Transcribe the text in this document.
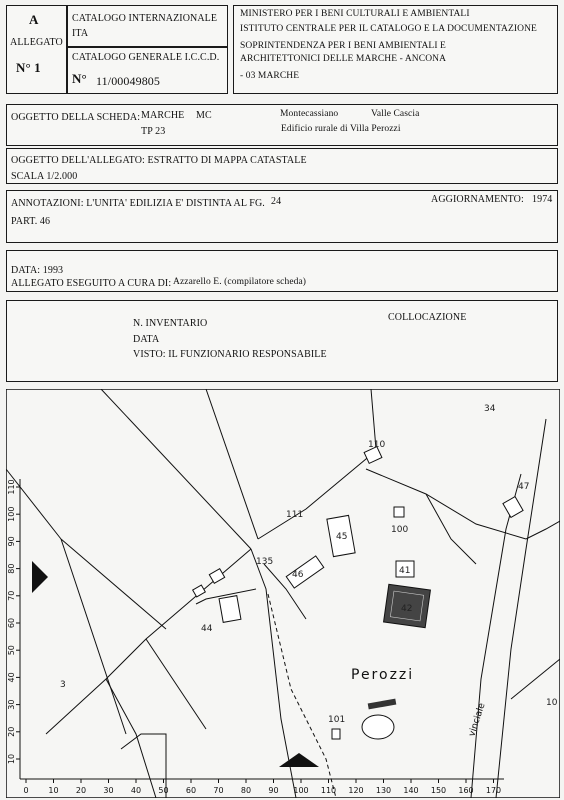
A
ALLEGATO
N° 1
CATALOGO INTERNAZIONALE
ITA
CATALOGO GENERALE I.C.C.D.
N° 11/00049805
MINISTERO PER I BENI CULTURALI E AMBIENTALI
ISTITUTO CENTRALE PER IL CATALOGO E LA DOCUMENTAZIONE
SOPRINTENDENZA PER I BENI AMBIENTALI E
ARCHITETTONICI DELLE MARCHE - ANCONA
- 03 MARCHE
OGGETTO DELLA SCHEDA: MARCHE MC
TP 23
Montecassiano	Valle Cascia
Edificio rurale di Villa Perozzi
OGGETTO DELL'ALLEGATO: ESTRATTO DI MAPPA CATASTALE
SCALA 1/2.000
ANNOTAZIONI: L'UNITA' EDILIZIA E' DISTINTA AL FG. 24	AGGIORNAMENTO: 1974
PART. 46
DATA: 1993
ALLEGATO ESEGUITO A CURA DI: Azzarello E. (compilatore scheda)
N. INVENTARIO
COLLOCAZIONE
DATA
VISTO: IL FUNZIONARIO RESPONSABILE
34
110
111
45
100
47
135
46	41
42
44
101
3
10
Perozzi
vinciale
0 10 20 30 40 50 60 70 80 90 100 110 120 130 140 150 160 170
10
20
30
40
50
60
70
80
90
100
110
